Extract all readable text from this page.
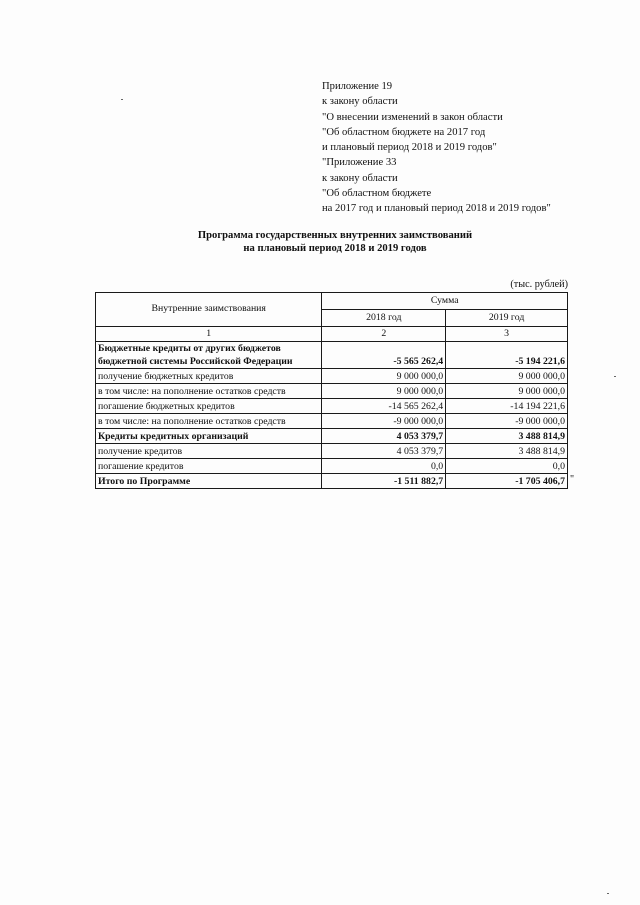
Приложение 19
к закону области
"О внесении изменений в закон области
"Об областном бюджете на 2017 год
и плановый период 2018 и 2019 годов"
"Приложение 33
к закону области
"Об областном бюджете
на 2017 год и плановый период 2018 и 2019 годов"
Программа государственных внутренних заимствований
на плановый период 2018 и 2019 годов
(тыс. рублей)
Внутренние заимствования	Сумма	
	2018 год	2019 год
1	2	3
Бюджетные кредиты от других бюджетов бюджетной системы Российской Федерации	-5 565 262,4	-5 194 221,6
получение бюджетных кредитов	9 000 000,0	9 000 000,0
в том числе: на пополнение остатков средств	9 000 000,0	9 000 000,0
погашение бюджетных кредитов	-14 565 262,4	-14 194 221,6
в том числе: на пополнение остатков средств	-9 000 000,0	-9 000 000,0
Кредиты кредитных организаций	4 053 379,7	3 488 814,9
получение кредитов	4 053 379,7	3 488 814,9
погашение кредитов	0,0	0,0
Итого по Программе	-1 511 882,7	-1 705 406,7 "
